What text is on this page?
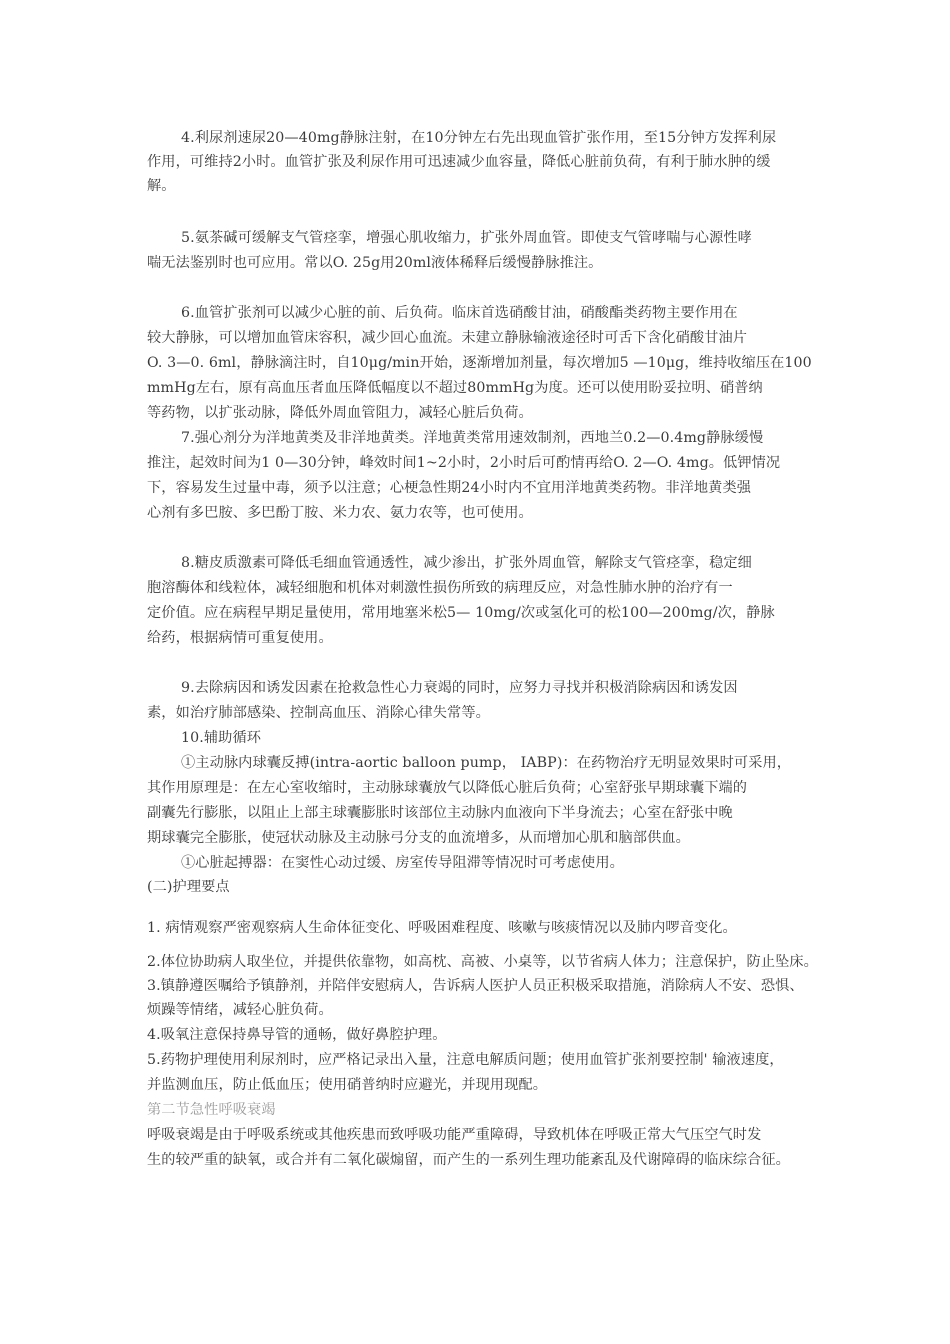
4.利尿剂速尿20—40mg静脉注射，在10分钟左右先出现血管扩张作用，至15分钟方发挥利尿
作用，可维持2小时。血管扩张及利尿作用可迅速减少血容量，降低心脏前负荷，有利于肺水肿的缓
解。
5.氨茶碱可缓解支气管痉挛，增强心肌收缩力，扩张外周血管。即使支气管哮喘与心源性哮
喘无法鉴别时也可应用。常以O. 25g用20ml液体稀释后缓慢静脉推注。
6.血管扩张剂可以减少心脏的前、后负荷。临床首选硝酸甘油，硝酸酯类药物主要作用在
较大静脉，可以增加血管床容积，减少回心血流。未建立静脉输液途径时可舌下含化硝酸甘油片
O. 3—0. 6ml，静脉滴注时，自10μg/min开始，逐渐增加剂量，每次增加5 —10μg，维持收缩压在100
mmHg左右，原有高血压者血压降低幅度以不超过80mmHg为度。还可以使用盼妥拉明、硝普纳
等药物，以扩张动脉，降低外周血管阻力，减轻心脏后负荷。
7.强心剂分为洋地黄类及非洋地黄类。洋地黄类常用速效制剂，西地兰0.2—0.4mg静脉缓慢
推注，起效时间为1 0—30分钟，峰效时间1~2小时，2小时后可酌情再给O. 2—O. 4mg。低钾情况
下，容易发生过量中毒，须予以注意；心梗急性期24小时内不宜用洋地黄类药物。非洋地黄类强
心剂有多巴胺、多巴酚丁胺、米力农、氨力农等，也可使用。
8.糖皮质激素可降低毛细血管通透性，减少渗出，扩张外周血管，解除支气管痉挛，稳定细
胞溶酶体和线粒体，减轻细胞和机体对刺激性损伤所致的病理反应，对急性肺水肿的治疗有一
定价值。应在病程早期足量使用，常用地塞米松5— 10mg/次或氢化可的松100—200mg/次，静脉
给药，根据病情可重复使用。
9.去除病因和诱发因素在抢救急性心力衰竭的同时，应努力寻找并积极消除病因和诱发因
素，如治疗肺部感染、控制高血压、消除心律失常等。
10.辅助循环
①主动脉内球囊反搏(intra-aortic balloon pump， IABP)：在药物治疗无明显效果时可采用，
其作用原理是：在左心室收缩时，主动脉球囊放气以降低心脏后负荷；心室舒张早期球囊下端的
副囊先行膨胀，以阻止上部主球囊膨胀时该部位主动脉内血液向下半身流去；心室在舒张中晚
期球囊完全膨胀，使冠状动脉及主动脉弓分支的血流增多，从而增加心肌和脑部供血。
①心脏起搏器：在窦性心动过缓、房室传导阻滞等情况时可考虑使用。
(二)护理要点
1. 病情观察严密观察病人生命体征变化、呼吸困难程度、咳嗽与咳痰情况以及肺内啰音变化。
2.体位协助病人取坐位，并提供依靠物，如高枕、高被、小桌等，以节省病人体力；注意保护，防止坠床。
3.镇静遵医嘱给予镇静剂，并陪伴安慰病人，告诉病人医护人员正积极采取措施，消除病人不安、恐惧、
烦躁等情绪，减轻心脏负荷。
4.吸氧注意保持鼻导管的通畅，做好鼻腔护理。
5.药物护理使用利尿剂时，应严格记录出入量，注意电解质问题；使用血管扩张剂要控制' 输液速度，
并监测血压，防止低血压；使用硝普纳时应避光，并现用现配。
第二节急性呼吸衰竭
呼吸衰竭是由于呼吸系统或其他疾患而致呼吸功能严重障碍，导致机体在呼吸正常大气压空气时发
生的较严重的缺氧，或合并有二氧化碳煽留，而产生的一系列生理功能紊乱及代谢障碍的临床综合征。
